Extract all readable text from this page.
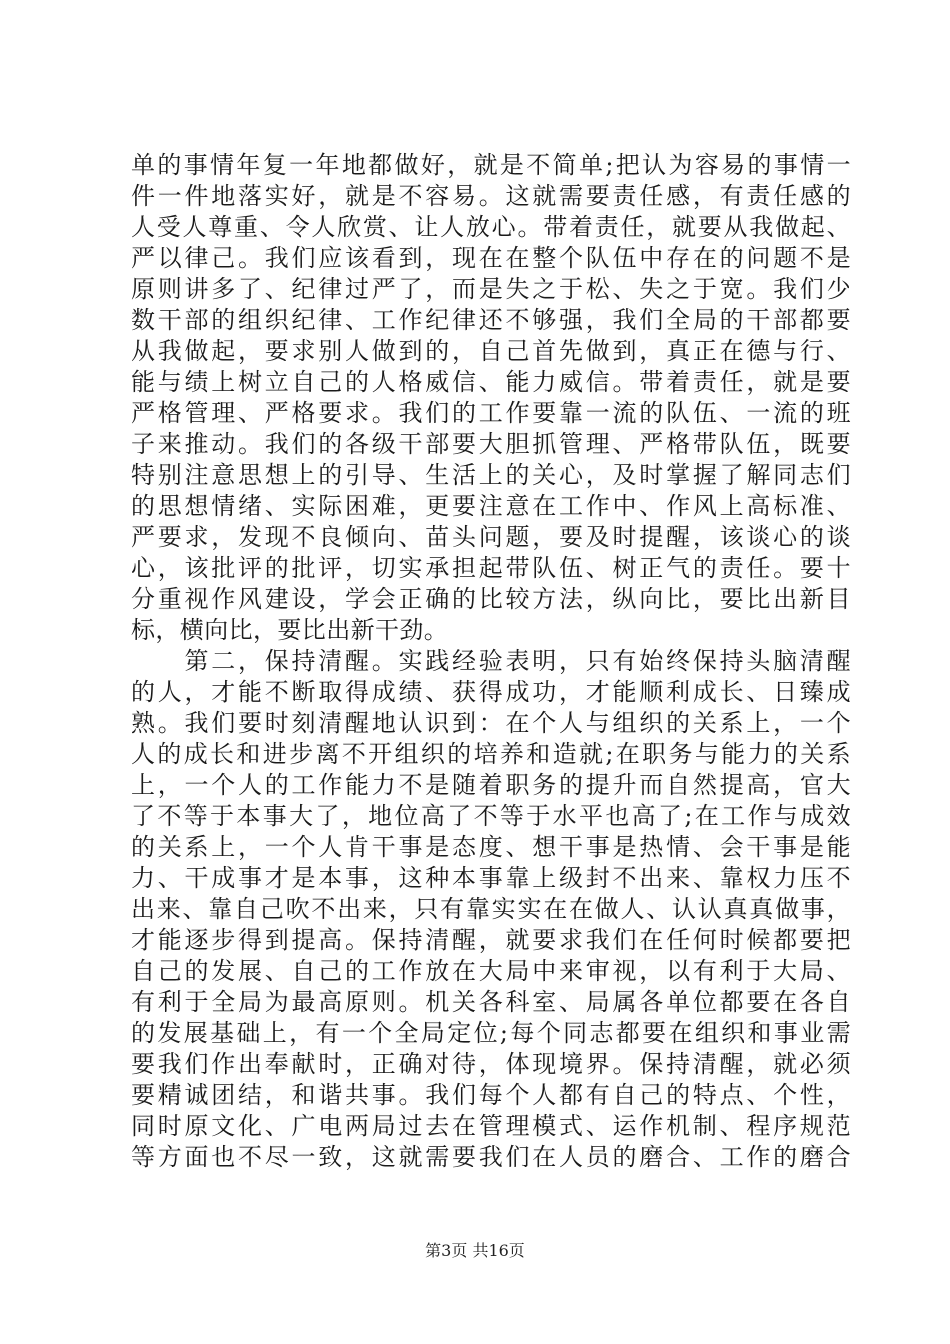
单的事情年复一年地都做好，就是不简单;把认为容易的事情一
件一件地落实好，就是不容易。这就需要责任感，有责任感的
人受人尊重、令人欣赏、让人放心。带着责任，就要从我做起、
严以律己。我们应该看到，现在在整个队伍中存在的问题不是
原则讲多了、纪律过严了，而是失之于松、失之于宽。我们少
数干部的组织纪律、工作纪律还不够强，我们全局的干部都要
从我做起，要求别人做到的，自己首先做到，真正在德与行、
能与绩上树立自己的人格威信、能力威信。带着责任，就是要
严格管理、严格要求。我们的工作要靠一流的队伍、一流的班
子来推动。我们的各级干部要大胆抓管理、严格带队伍，既要
特别注意思想上的引导、生活上的关心，及时掌握了解同志们
的思想情绪、实际困难，更要注意在工作中、作风上高标准、
严要求，发现不良倾向、苗头问题，要及时提醒，该谈心的谈
心，该批评的批评，切实承担起带队伍、树正气的责任。要十
分重视作风建设，学会正确的比较方法，纵向比，要比出新目
标，横向比，要比出新干劲。
　　第二，保持清醒。实践经验表明，只有始终保持头脑清醒
的人，才能不断取得成绩、获得成功，才能顺利成长、日臻成
熟。我们要时刻清醒地认识到：在个人与组织的关系上，一个
人的成长和进步离不开组织的培养和造就;在职务与能力的关系
上，一个人的工作能力不是随着职务的提升而自然提高，官大
了不等于本事大了，地位高了不等于水平也高了;在工作与成效
的关系上，一个人肯干事是态度、想干事是热情、会干事是能
力、干成事才是本事，这种本事靠上级封不出来、靠权力压不
出来、靠自己吹不出来，只有靠实实在在做人、认认真真做事，
才能逐步得到提高。保持清醒，就要求我们在任何时候都要把
自己的发展、自己的工作放在大局中来审视，以有利于大局、
有利于全局为最高原则。机关各科室、局属各单位都要在各自
的发展基础上，有一个全局定位;每个同志都要在组织和事业需
要我们作出奉献时，正确对待，体现境界。保持清醒，就必须
要精诚团结，和谐共事。我们每个人都有自己的特点、个性，
同时原文化、广电两局过去在管理模式、运作机制、程序规范
等方面也不尽一致，这就需要我们在人员的磨合、工作的磨合
第3页 共16页
